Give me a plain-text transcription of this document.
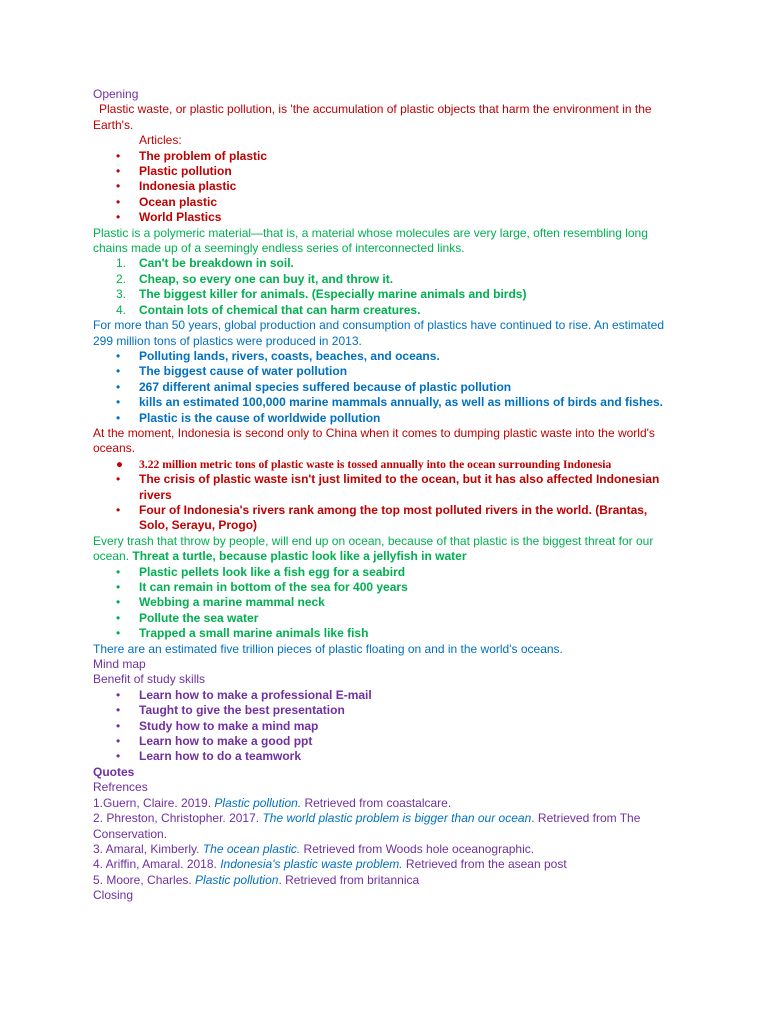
Opening

Plastic waste, or plastic pollution, is 'the accumulation of plastic objects that harm the environment in the Earth's.

Articles:

• The problem of plastic
• Plastic pollution
• Indonesia plastic
• Ocean plastic
• World Plastics

Plastic is a polymeric material—that is, a material whose molecules are very large, often resembling long chains made up of a seemingly endless series of interconnected links.

1. Can't be breakdown in soil.
2. Cheap, so every one can buy it, and throw it.
3. The biggest killer for animals. (Especially marine animals and birds)
4. Contain lots of chemical that can harm creatures.

For more than 50 years, global production and consumption of plastics have continued to rise. An estimated 299 million tons of plastics were produced in 2013.

• Polluting lands, rivers, coasts, beaches, and oceans.
• The biggest cause of water pollution
• 267 different animal species suffered because of plastic pollution
• kills an estimated 100,000 marine mammals annually, as well as millions of birds and fishes.
• Plastic is the cause of worldwide pollution

At the moment, Indonesia is second only to China when it comes to dumping plastic waste into the world's oceans.

● 3.22 million metric tons of plastic waste is tossed annually into the ocean surrounding Indonesia
• The crisis of plastic waste isn't just limited to the ocean, but it has also affected Indonesian rivers
• Four of Indonesia's rivers rank among the top most polluted rivers in the world. (Brantas, Solo, Serayu, Progo)

Every trash that throw by people, will end up on ocean, because of that plastic is the biggest threat for our ocean. Threat a turtle, because plastic look like a jellyfish in water

• Plastic pellets look like a fish egg for a seabird
• It can remain in bottom of the sea for 400 years
• Webbing a marine mammal neck
• Pollute the sea water
• Trapped a small marine animals like fish

There are an estimated five trillion pieces of plastic floating on and in the world's oceans.

Mind map

Benefit of study skills

• Learn how to make a professional E-mail
• Taught to give the best presentation
• Study how to make a mind map
• Learn how to make a good ppt
• Learn how to do a teamwork

Quotes

Refrences

1.Guern, Claire. 2019. Plastic pollution. Retrieved from coastalcare.

2. Phreston, Christopher. 2017. The world plastic problem is bigger than our ocean. Retrieved from The Conservation.

3. Amaral, Kimberly. The ocean plastic. Retrieved from Woods hole oceanographic.

4. Ariffin, Amaral. 2018. Indonesia's plastic waste problem. Retrieved from the asean post

5. Moore, Charles. Plastic pollution. Retrieved from britannica

Closing
